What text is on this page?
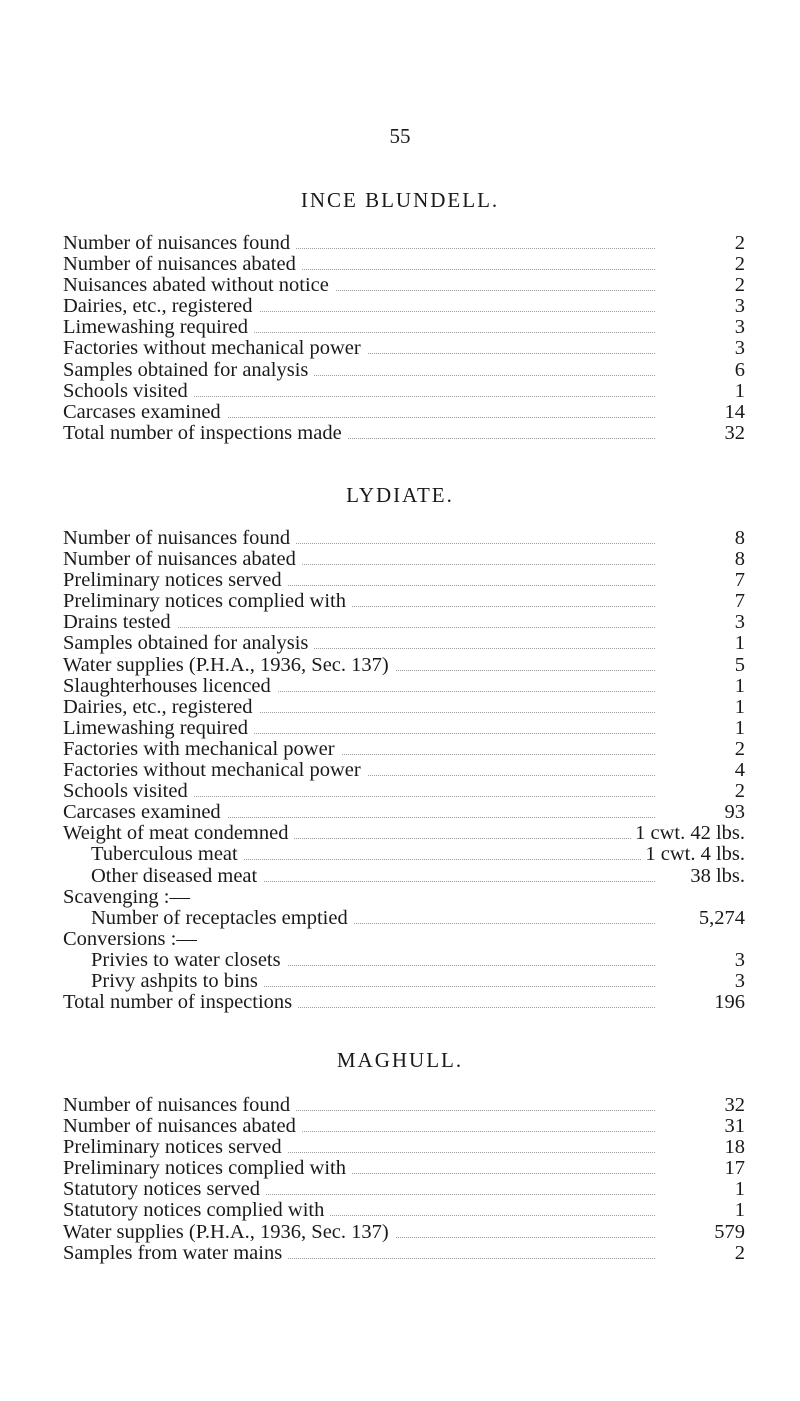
55
INCE BLUNDELL.
Number of nuisances found	2
Number of nuisances abated	2
Nuisances abated without notice	2
Dairies, etc., registered	3
Limewashing required	3
Factories without mechanical power	3
Samples obtained for analysis	6
Schools visited	1
Carcases examined	14
Total number of inspections made	32
LYDIATE.
Number of nuisances found	8
Number of nuisances abated	8
Preliminary notices served	7
Preliminary notices complied with	7
Drains tested	3
Samples obtained for analysis	1
Water supplies (P.H.A., 1936, Sec. 137)	5
Slaughterhouses licenced	1
Dairies, etc., registered	1
Limewashing required	1
Factories with mechanical power	2
Factories without mechanical power	4
Schools visited	2
Carcases examined	93
Weight of meat condemned	1 cwt. 42 lbs.
Tuberculous meat	1 cwt. 4 lbs.
Other diseased meat	38 lbs.
Scavenging :—
Number of receptacles emptied	5,274
Conversions :—
Privies to water closets	3
Privy ashpits to bins	3
Total number of inspections	196
MAGHULL.
Number of nuisances found	32
Number of nuisances abated	31
Preliminary notices served	18
Preliminary notices complied with	17
Statutory notices served	1
Statutory notices complied with	1
Water supplies (P.H.A., 1936, Sec. 137)	579
Samples from water mains	2
